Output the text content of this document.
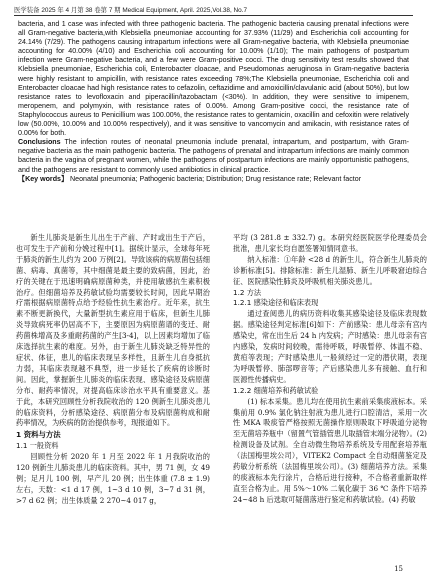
医学装备 2025 年 4 月第 38 卷第 7 期 Medical Equipment, April. 2025,Vol.38, No.7

bacteria, and 1 case was infected with three pathogenic bacteria. The pathogenic bacteria causing prenatal infections were all Gram-negative bacteria,with Klebsiella pneumoniae accounting for 37.93% (11/29) and Escherichia coli accounting for 24.14% (7/29). The pathogens causing intrapartum infections were all Gram-negative bacteria, with Klebsiella pneumoniae accounting for 40.00% (4/10) and Escherichia coli accounting for 10.00% (1/10); The main pathogens of postpartum infection were Gram-negative bacteria, and a few were Gram-positive cocci. The drug sensitivity test results showed that Klebsiella pneumoniae, Escherichia coli, Enterobacter cloacae, and Pseudomonas aeruginosa in Gram-negative bacteria were highly resistant to ampicillin, with resistance rates exceeding 78%;The Klebsiella pneumoniae, Escherichia coli and Enterobacter cloacae had high resistance rates to cefazolin, ceftazidime and amoxicillin/clavulanic acid (about 50%), but low resistance rates to levofloxacin and piperacillin/tazobactam (<30%). In addition, they were sensitive to imipenem, meropenem, and polymyxin, with resistance rates of 0.00%. Among Gram-positive cocci, the resistance rate of Staphylococcus aureus to Penicillium was 100.00%, the resistance rates to gentamicin, oxacillin and cefoxitin were relatively low (50.00%, 10.00% and 10.00% respectively), and it was sensitive to vancomycin and amikacin, with resistance rates of 0.00% for both.

Conclusions The infection routes of neonatal pneumonia include prenatal, intrapartum, and postpartum, with Gram-negative bacteria as the main pathogenic bacteria. The pathogens of prenatal and intrapartum infections are mainly common bacteria in the vagina of pregnant women, while the pathogens of postpartum infections are mainly opportunistic pathogens, and the pathogens are resistant to commonly used antibiotics in clinical practice.

【Key words】 Neonatal pneumonia; Pathogenic bacteria; Distribution; Drug resistance rate; Relevant factor

新生儿肺炎是新生儿出生于产前、产时或出生于产后，也可发生于产前和分娩过程中[1]。据统计显示，全球每年死于肺炎的新生儿约为 200 万例[2]。导致该病的病原菌包括细菌、病毒、真菌等，其中细菌是最主要的致病菌，因此，治疗的关键在于迅速明确病原菌种类，并使用敏感抗生素积极治疗。但细菌培养及药敏试验均需要较长时间，因此早期治疗需根据病原菌特点给予经验性抗生素治疗。近年来，抗生素不断更新换代，大量新型抗生素应用于临床，但新生儿肺炎导致病死率仍居高不下，主要原因为病原菌谱的变迁、耐药菌株增高及多重耐药菌的产生[3-4]，以上因素均增加了临床选择抗生素的难度。另外，由于新生儿肺炎缺乏特异性的症状、体征，患儿的临床表现呈多样性，且新生儿自身抵抗力弱，其临床表现越不典型，进一步延长了疾病的诊断时间。因此，掌握新生儿肺炎的临床表现、感染途径及病原菌分布、耐药率情况，对提高临床诊治水平具有重要意义。基于此，本研究回顾性分析我院收治的 120 例新生儿肺炎患儿的临床资料，分析感染途径、病原菌分布及病原菌构成和耐药率情况，为疾病的防治提供参考，现报道如下。

1 资料与方法
1.1 一般资料

回顾性分析 2020 年 1 月至 2022 年 1 月我院收治的 120 例新生儿肺炎患儿的临床资料。其中，男 71 例，女 49 例；足月儿 100 例，早产儿 20 例；出生体重 (7.8 ± 1.9) 左右，天数：<1 d 17 例，1~3 d 10 例，3~7 d 31 例，>7 d 62 例；出生体质量 2 270~4 017 g，

平均 (3 281.8 ± 332.7) g。本研究经医院医学伦理委员会批准，患儿家长均自愿签署知情同意书。

纳入标准：①年龄 <28 d 的新生儿，符合新生儿肺炎的诊断标准[5]。排除标准：新生儿湿肺、新生儿呼吸窘迫综合征、医院感染性肺炎及呼吸机相关肺炎患儿。

1.2 方法
1.2.1 感染途径和临床表现

通过查阅患儿的病历资料收集其感染途径及临床表现数据。感染途径判定标准[6]如下：产前感染：患儿母亲有宫内感染史，常在出生后 24 h 内发病；产时感染：患儿母亲有宫内感染，发病时间较晚，需待呼吸，呼吸暂停、体温不稳、黄疸等表现；产时感染患儿一般须经过一定的潜伏期，表现为呼吸暂停、肺部啰音等；产后感染患儿多有接触、血行和医源性传播病史。

1.2.2 细菌培养和药敏试验

(1) 标本采集。患儿均在使用抗生素前采集痰液标本。采集前用 0.9% 氯化钠注射液为患儿进行口腔清洁，采用一次性 MKA 吸痰管严格按照无菌操作原则吸取下呼吸道分泌物至无菌培养瓶中（留置气管插管患儿取插管末端分泌物）。(2) 检测设备及试剂。全自动微生物培养系统及专用配套培养瓶（法国梅里埃公司），VITEK2 Compact 全自动细菌鉴定及药敏分析系统（法国梅里埃公司）。(3) 细菌培养方法。采集的痰液标本先行涂片，合格后进行接种，不合格者重新取样直至合格为止。用 5%～10% 二氧化碳于 36 ℃ 条件下培养 24~48 h 后选取可疑菌落进行鉴定和药敏试验。(4) 药敏

15
